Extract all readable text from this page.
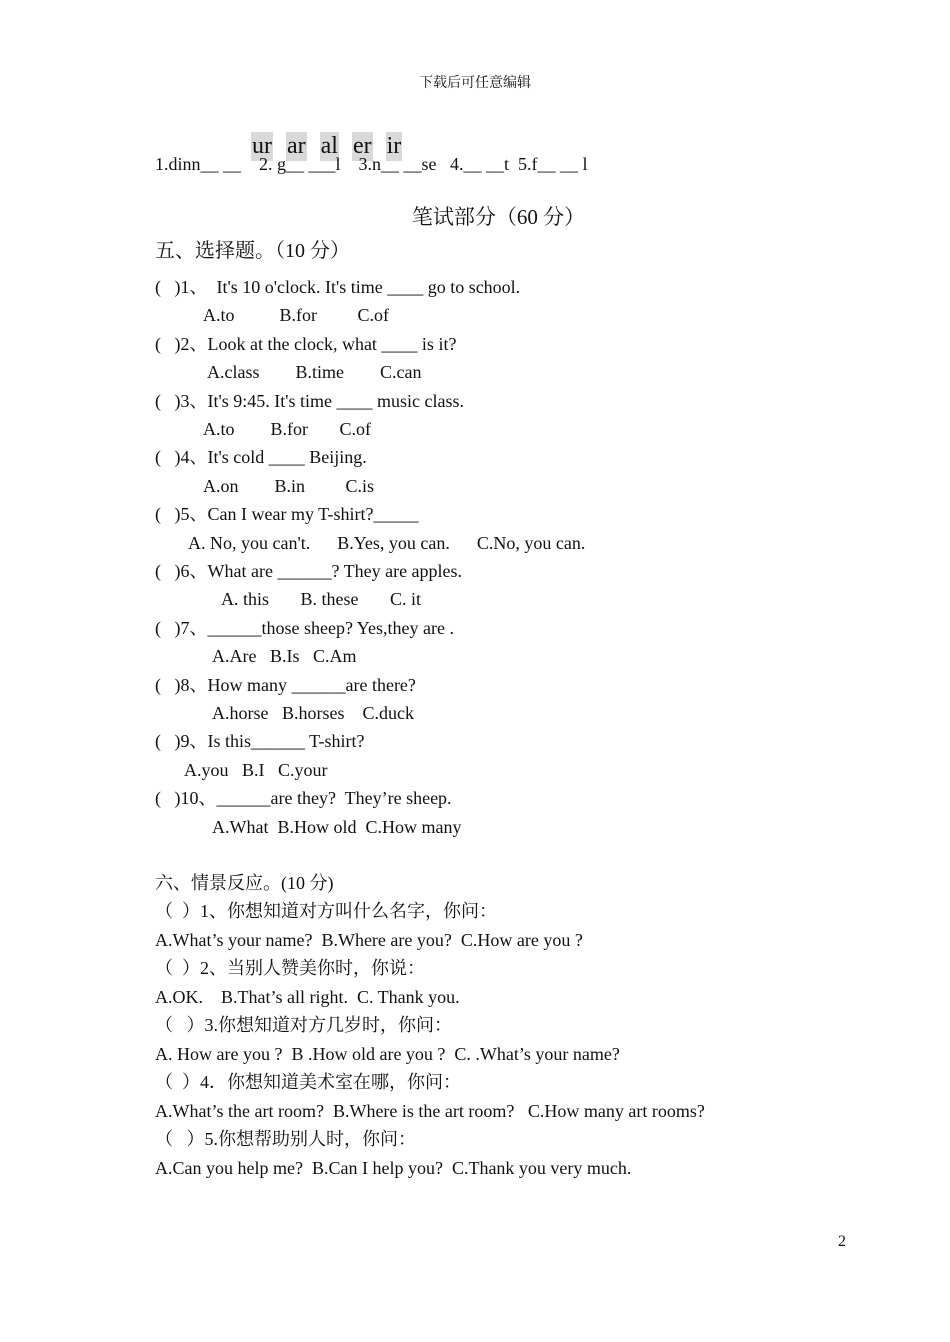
下载后可任意编辑

ur ar al er ir

1.dinn__ __    2. g__ ___l    3.n__ __se   4.__ __t  5.f__ __ l
笔试部分（60 分）
五、选择题。（10 分）
(   )1、  It's 10 o'clock. It's time ____ go to school.
A.to          B.for         C.of
(   )2、Look at the clock, what ____ is it?
A.class        B.time        C.can
(   )3、It's 9:45. It's time ____ music class.
A.to        B.for       C.of
(   )4、It's cold ____ Beijing.
A.on        B.in         C.is
(   )5、Can I wear my T-shirt?_____
A. No, you can't.      B.Yes, you can.      C.No, you can.
(   )6、What are ______? They are apples.
A. this       B. these       C. it
(   )7、______those sheep? Yes,they are .
A.Are   B.Is   C.Am
(   )8、How many ______are there?
A.horse   B.horses    C.duck
(   )9、Is this______ T-shirt?
A.you   B.I   C.your
(   )10、______are they?  They’re sheep.
A.What  B.How old  C.How many
六、情景反应。(10 分)
（  ）1、你想知道对方叫什么名字，你问：
A.What’s your name?  B.Where are you?  C.How are you ?
（  ）2、当别人赞美你时，你说：
A.OK.    B.That’s all right.  C. Thank you.
（   ）3.你想知道对方几岁时，你问：
A. How are you ?  B .How old are you ?  C. .What’s your name?
（  ）4．你想知道美术室在哪，你问：
A.What’s the art room?  B.Where is the art room?   C.How many art rooms?
（   ）5.你想帮助别人时，你问：
A.Can you help me?  B.Can I help you?  C.Thank you very much.
2
